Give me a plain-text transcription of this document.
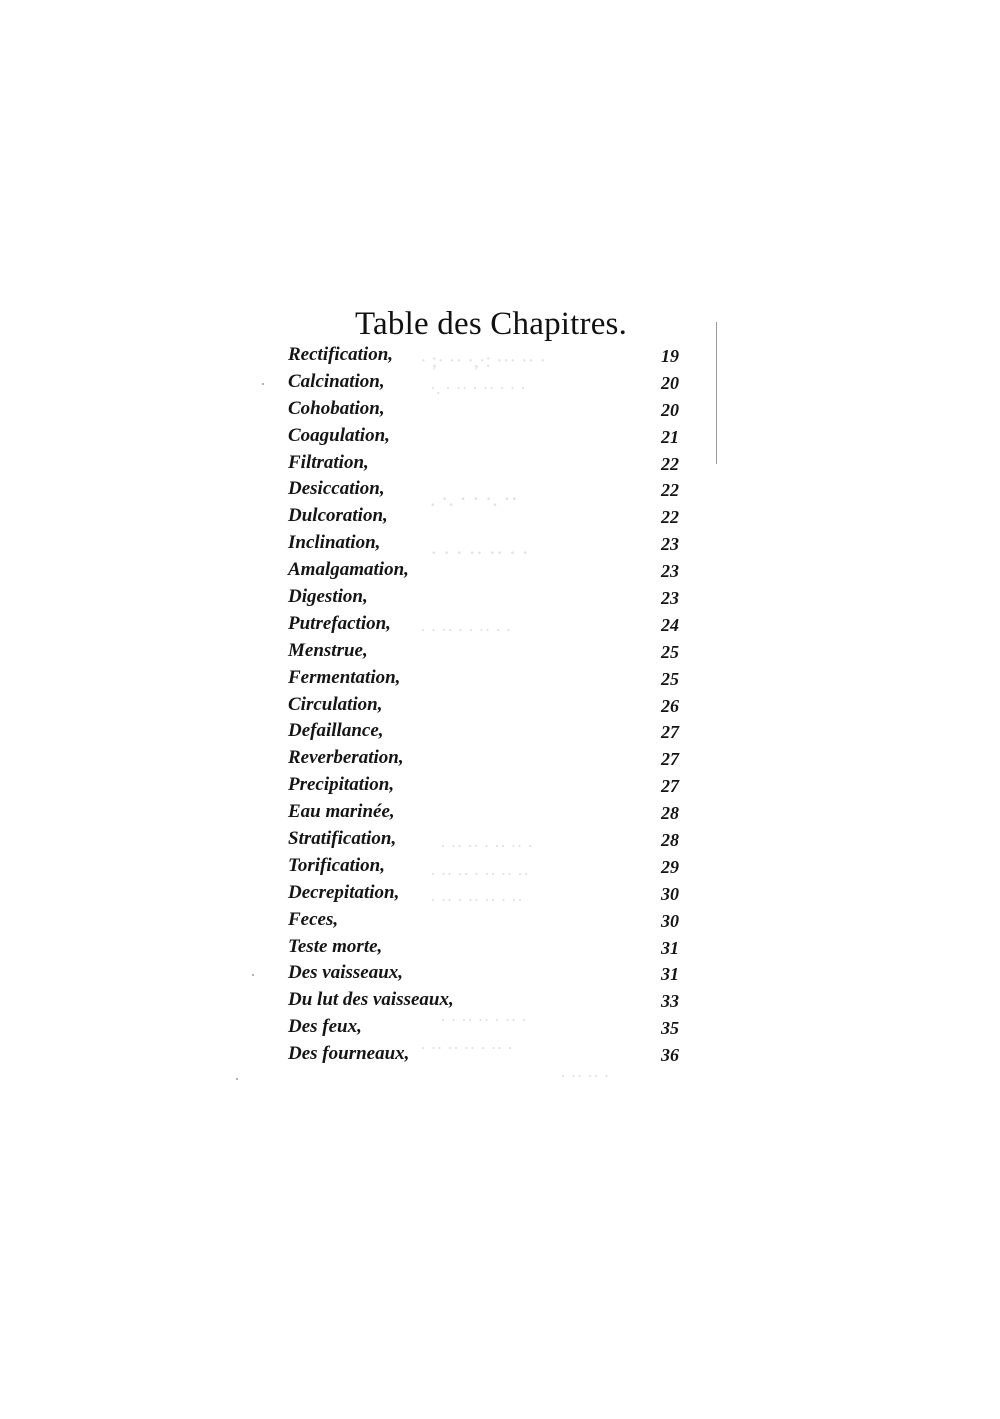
· ;· ·· ·,·: ··· ·· ·
·. · ·· · ·· · · ·
. ·. · · ·. ··
· · · ·· ·· · ·
· · ·· · · ·· · ·
· ·· ·· · ·· ·· ·
· ·· ·· · ·· ·· ··
· ·· · ·· ·· · ··
· · ·· ·· · ·· ·
· ·· ·· ·· · ·· ·
· ·· ·· ·
Table des Chapitres.
Rectification,	19
Calcination,	20
Cohobation,	20
Coagulation,	21
Filtration,	22
Desiccation,	22
Dulcoration,	22
Inclination,	23
Amalgamation,	23
Digestion,	23
Putrefaction,	24
Menstrue,	25
Fermentation,	25
Circulation,	26
Defaillance,	27
Reverberation,	27
Precipitation,	27
Eau marinée,	28
Stratification,	28
Torification,	29
Decrepitation,	30
Feces,	30
Teste morte,	31
Des vaisseaux,	31
Du lut des vaisseaux,	33
Des feux,	35
Des fourneaux,	36
